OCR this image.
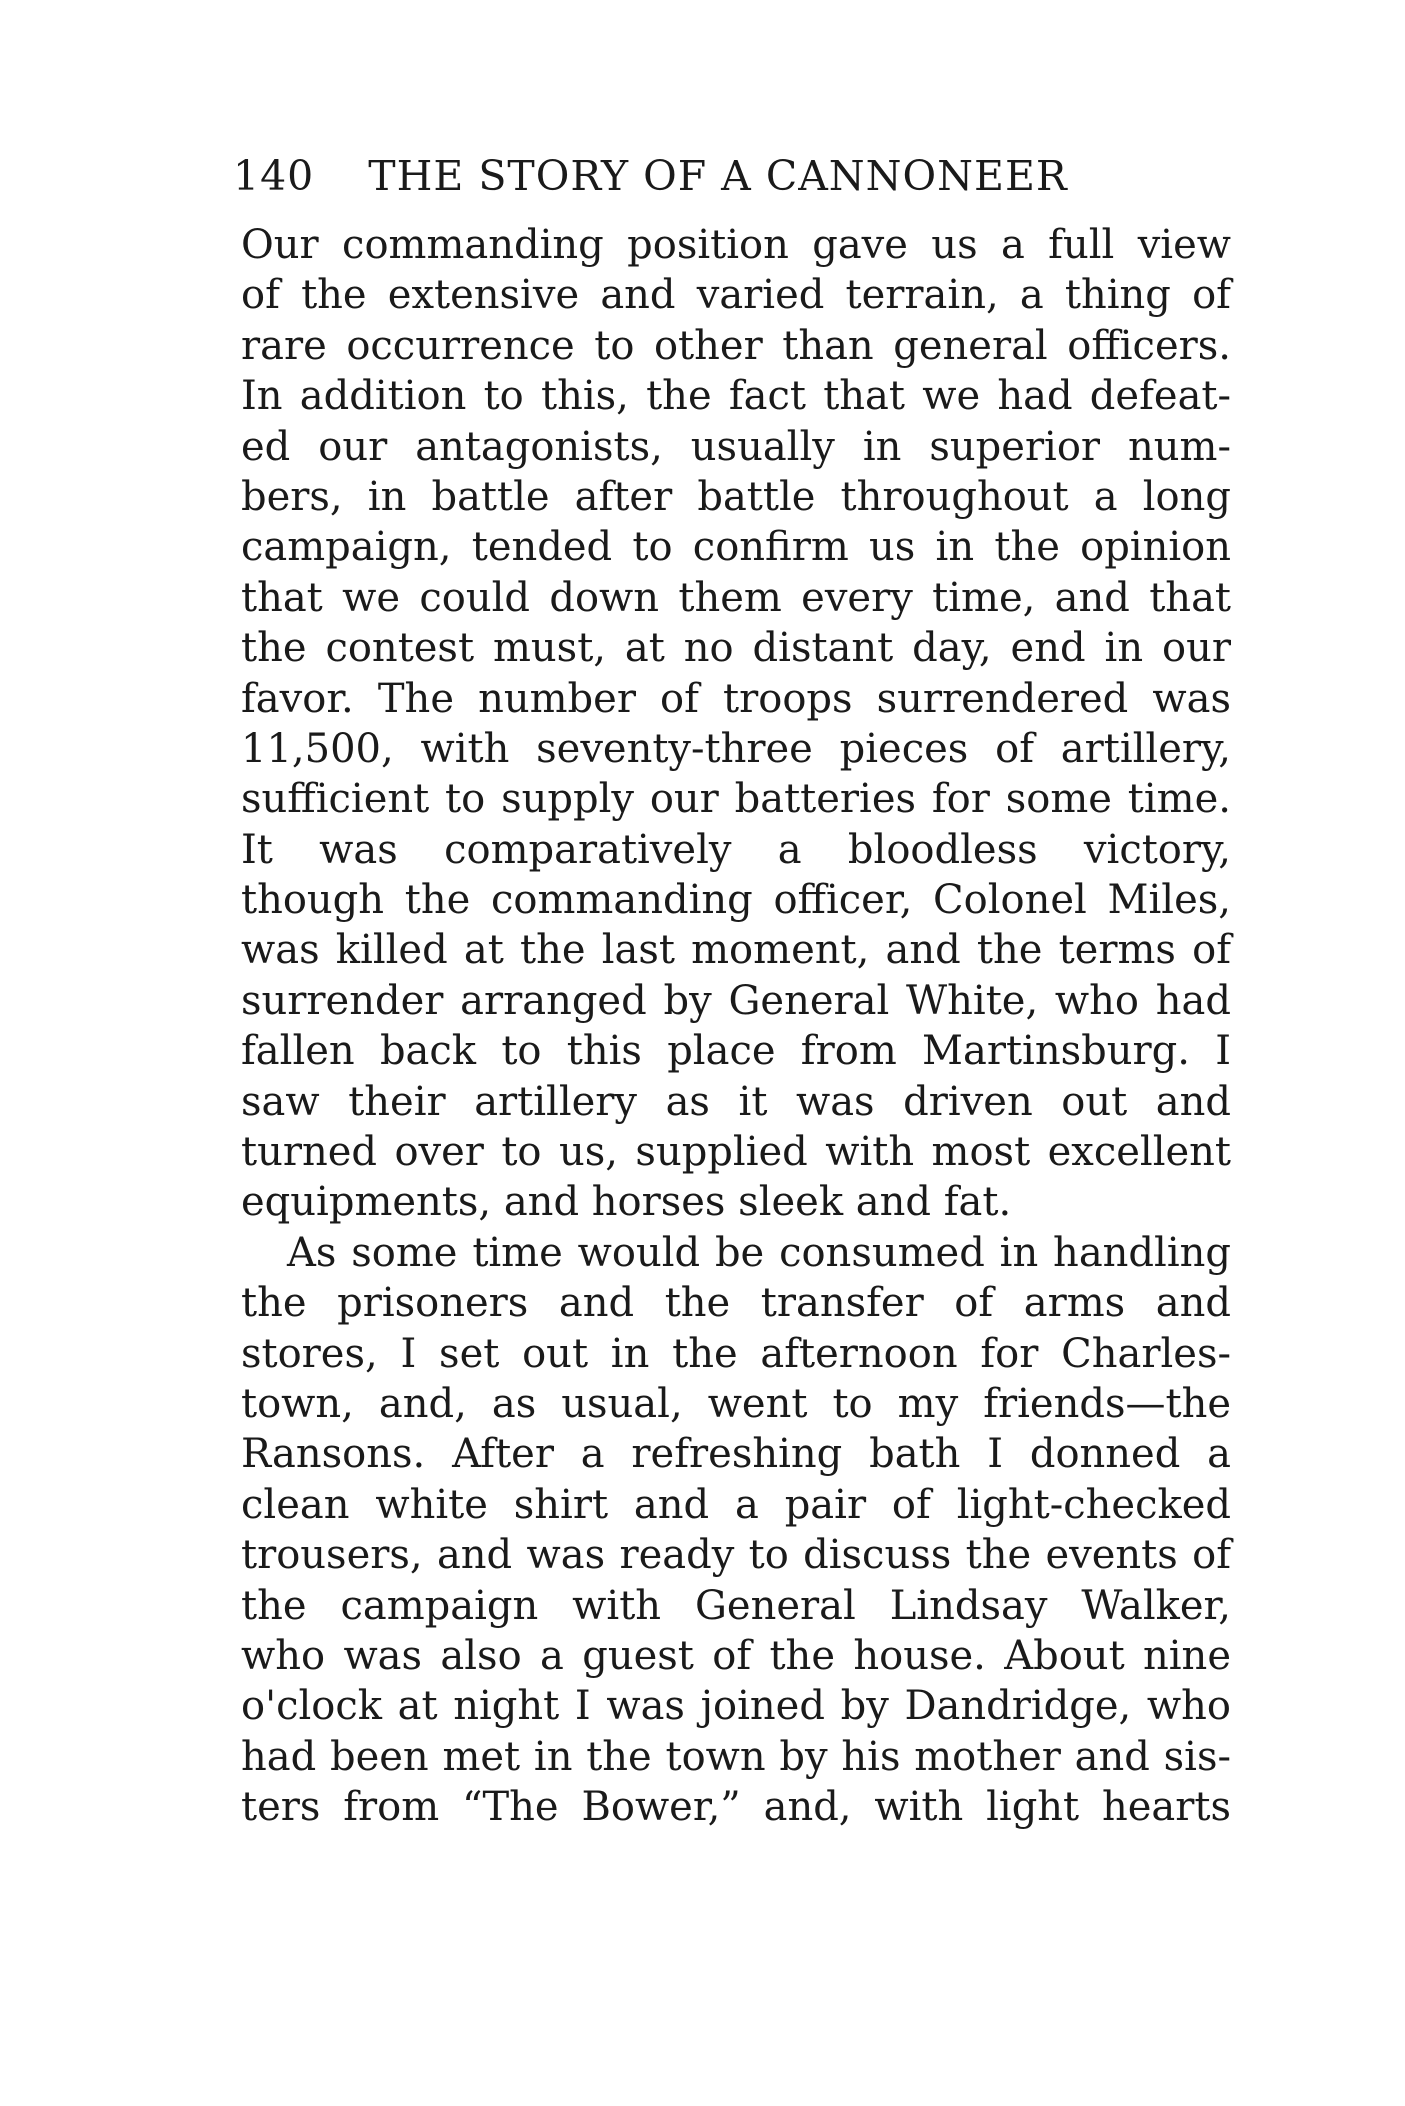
140 THE STORY OF A CANNONEER
Our commanding position gave us a full view
of the extensive and varied terrain, a thing of
rare occurrence to other than general officers.
In addition to this, the fact that we had defeat-
ed our antagonists, usually in superior num-
bers, in battle after battle throughout a long
campaign, tended to confirm us in the opinion
that we could down them every time, and that
the contest must, at no distant day, end in our
favor. The number of troops surrendered was
11,500, with seventy-three pieces of artillery,
sufficient to supply our batteries for some time.
It was comparatively a bloodless victory,
though the commanding officer, Colonel Miles,
was killed at the last moment, and the terms of
surrender arranged by General White, who had
fallen back to this place from Martinsburg. I
saw their artillery as it was driven out and
turned over to us, supplied with most excellent
equipments, and horses sleek and fat.
As some time would be consumed in handling
the prisoners and the transfer of arms and
stores, I set out in the afternoon for Charles-
town, and, as usual, went to my friends—the
Ransons. After a refreshing bath I donned a
clean white shirt and a pair of light-checked
trousers, and was ready to discuss the events of
the campaign with General Lindsay Walker,
who was also a guest of the house. About nine
o'clock at night I was joined by Dandridge, who
had been met in the town by his mother and sis-
ters from “The Bower,” and, with light hearts
